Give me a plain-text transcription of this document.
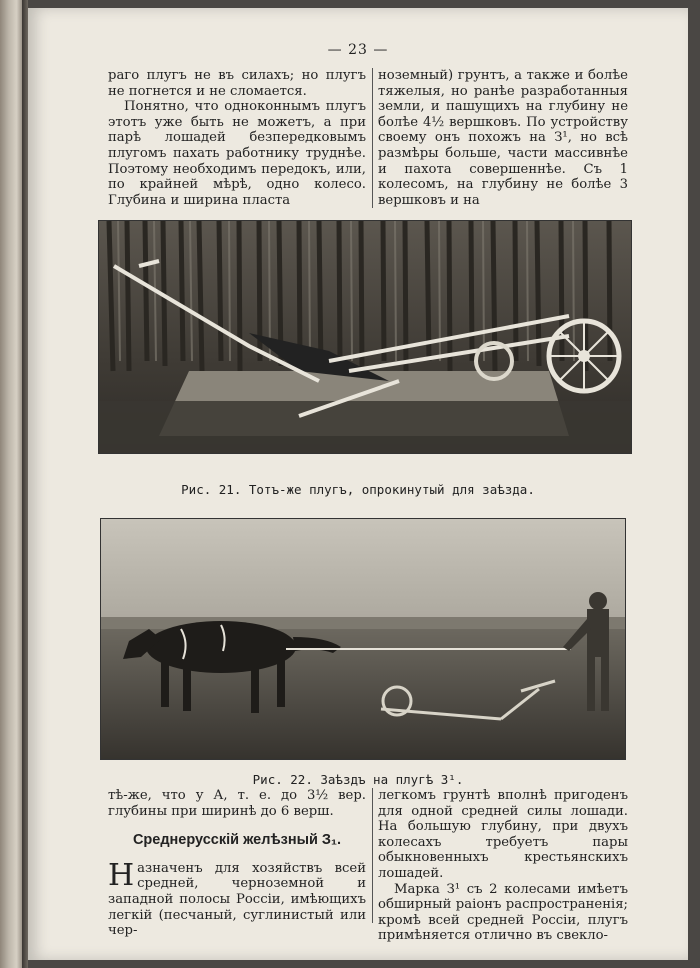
— 23 —

раго плугъ не въ силахъ; но плугъ не погнется и не сломается.

Понятно, что одноконнымъ плугъ этотъ уже быть не можетъ, а при парѣ лошадей безпередковымъ плугомъ пахать работнику труднѣе. Поэтому необходимъ передокъ, или, по крайней мѣрѣ, одно колесо. Глубина и ширина пласта

ноземный) грунтъ, а также и болѣе тяжелыя, но ранѣе разработанныя земли, и пашущихъ на глубину не болѣе 4½ вершковъ. По устройству своему онъ похожъ на З¹, но всѣ размѣры больше, части массивнѣе и пахота совершеннѣе. Съ 1 колесомъ, на глубину не болѣе 3 вершковъ и на

Рис. 21. Тотъ-же плугъ, опрокинутый для заѣзда.
Рис. 22. Заѣздъ на плугѣ З¹.

тѣ-же, что у А, т. е. до 3½ вер. глубины при ширинѣ до 6 верш.

Среднерусскій желѣзный З₁.

Назначенъ для хозяйствъ всей средней, черноземной и западной полосы Россіи, имѣющихъ легкій (песчаный, суглинистый или чер-

легкомъ грунтѣ вполнѣ пригоденъ для одной средней силы лошади. На большую глубину, при двухъ колесахъ требуетъ пары обыкновенныхъ крестьянскихъ лошадей.

Марка З¹ съ 2 колесами имѣетъ обширный раіонъ распространенія; кромѣ всей средней Россіи, плугъ примѣняется отлично въ свекло-
